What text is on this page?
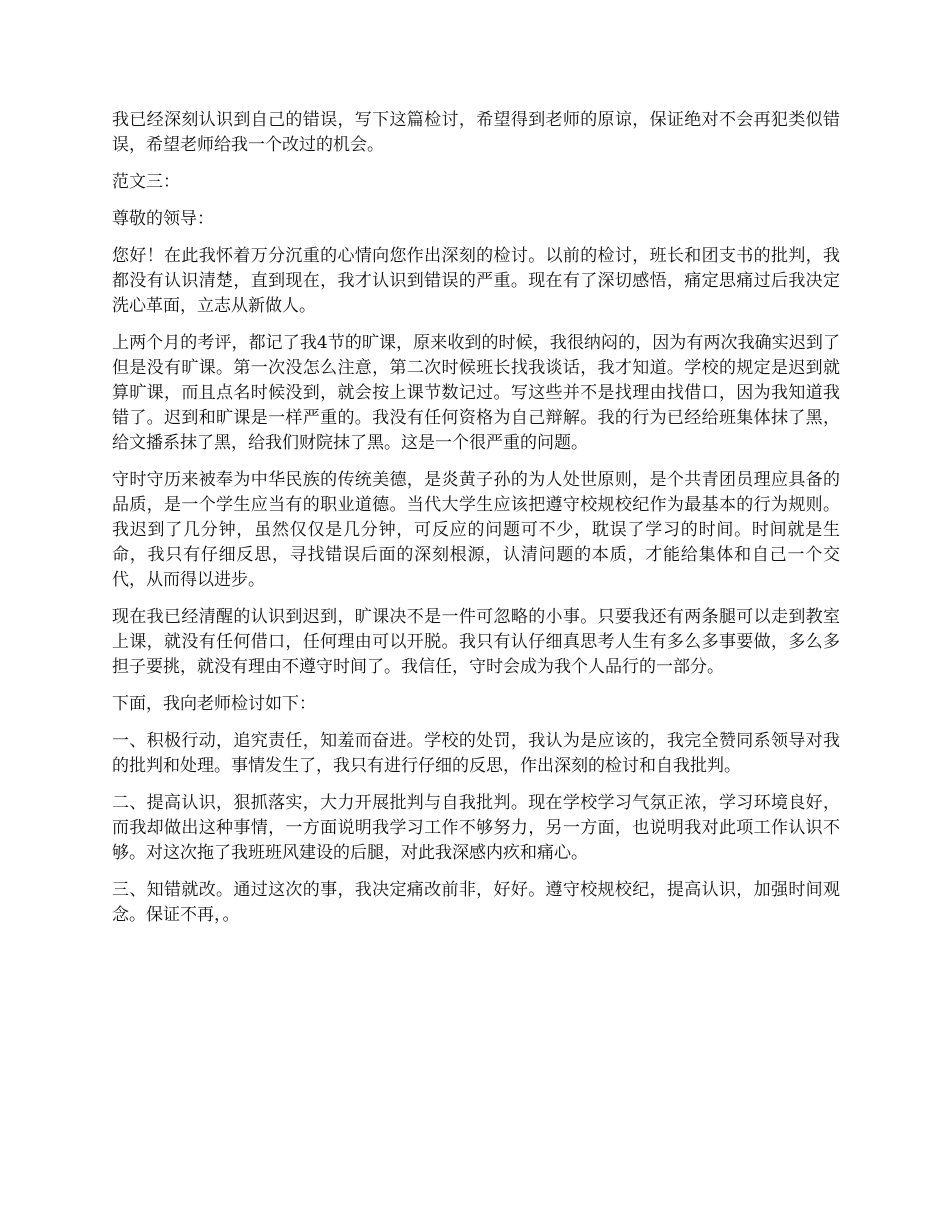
我已经深刻认识到自己的错误，写下这篇检讨，希望得到老师的原谅，保证绝对不会再犯类似错误，希望老师给我一个改过的机会。

范文三：

尊敬的领导：

您好！在此我怀着万分沉重的心情向您作出深刻的检讨。以前的检讨，班长和团支书的批判，我都没有认识清楚，直到现在，我才认识到错误的严重。现在有了深切感悟，痛定思痛过后我决定洗心革面，立志从新做人。

上两个月的考评，都记了我4节的旷课，原来收到的时候，我很纳闷的，因为有两次我确实迟到了但是没有旷课。第一次没怎么注意，第二次时候班长找我谈话，我才知道。学校的规定是迟到就算旷课，而且点名时候没到，就会按上课节数记过。写这些并不是找理由找借口，因为我知道我错了。迟到和旷课是一样严重的。我没有任何资格为自己辩解。我的行为已经给班集体抹了黑，给文播系抹了黑，给我们财院抹了黑。这是一个很严重的问题。

守时守历来被奉为中华民族的传统美德，是炎黄子孙的为人处世原则，是个共青团员理应具备的品质，是一个学生应当有的职业道德。当代大学生应该把遵守校规校纪作为最基本的行为规则。我迟到了几分钟，虽然仅仅是几分钟，可反应的问题可不少，耽误了学习的时间。时间就是生命，我只有仔细反思，寻找错误后面的深刻根源，认清问题的本质，才能给集体和自己一个交代，从而得以进步。

现在我已经清醒的认识到迟到，旷课决不是一件可忽略的小事。只要我还有两条腿可以走到教室上课，就没有任何借口，任何理由可以开脱。我只有认仔细真思考人生有多么多事要做，多么多担子要挑，就没有理由不遵守时间了。我信任，守时会成为我个人品行的一部分。

下面，我向老师检讨如下：

一、积极行动，追究责任，知羞而奋进。学校的处罚，我认为是应该的，我完全赞同系领导对我的批判和处理。事情发生了，我只有进行仔细的反思，作出深刻的检讨和自我批判。

二、提高认识，狠抓落实，大力开展批判与自我批判。现在学校学习气氛正浓，学习环境良好，而我却做出这种事情，一方面说明我学习工作不够努力，另一方面，也说明我对此项工作认识不够。对这次拖了我班班风建设的后腿，对此我深感内疚和痛心。

三、知错就改。通过这次的事，我决定痛改前非，好好。遵守校规校纪，提高认识，加强时间观念。保证不再，。
